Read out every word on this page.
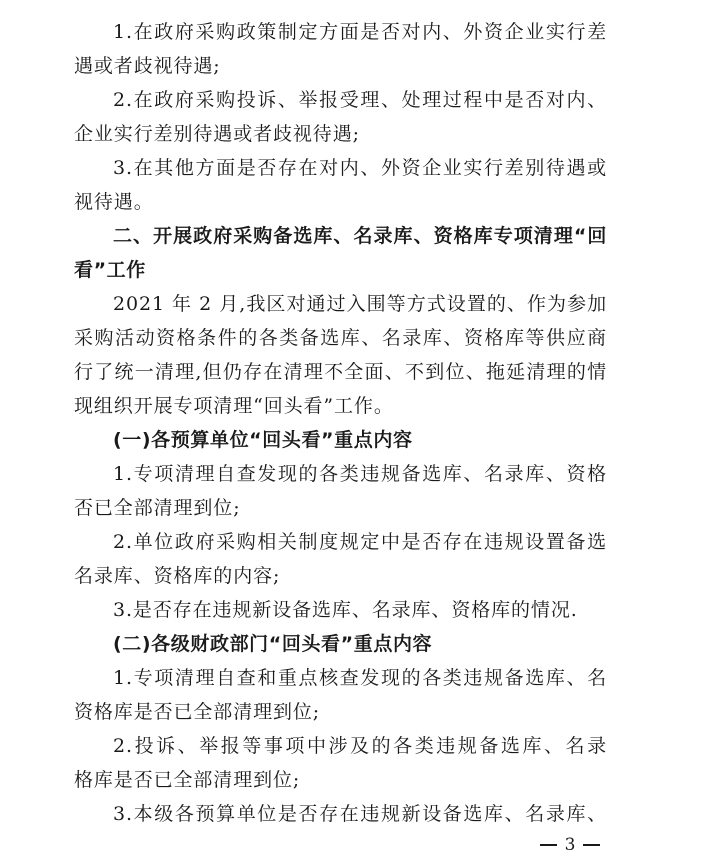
1.在政府采购政策制定方面是否对内、外资企业实行差
遇或者歧视待遇;
2.在政府采购投诉、举报受理、处理过程中是否对内、
企业实行差别待遇或者歧视待遇;
3.在其他方面是否存在对内、外资企业实行差别待遇或
视待遇。
二、开展政府采购备选库、名录库、资格库专项清理“回
看”工作
2021 年 2 月,我区对通过入围等方式设置的、作为参加
采购活动资格条件的各类备选库、名录库、资格库等供应商
行了统一清理,但仍存在清理不全面、不到位、拖延清理的情
现组织开展专项清理“回头看”工作。
(一)各预算单位“回头看”重点内容
1.专项清理自查发现的各类违规备选库、名录库、资格
否已全部清理到位;
2.单位政府采购相关制度规定中是否存在违规设置备选
名录库、资格库的内容;
3.是否存在违规新设备选库、名录库、资格库的情况.
(二)各级财政部门“回头看”重点内容
1.专项清理自查和重点核查发现的各类违规备选库、名
资格库是否已全部清理到位;
2.投诉、举报等事项中涉及的各类违规备选库、名录
格库是否已全部清理到位;
3.本级各预算单位是否存在违规新设备选库、名录库、
3
